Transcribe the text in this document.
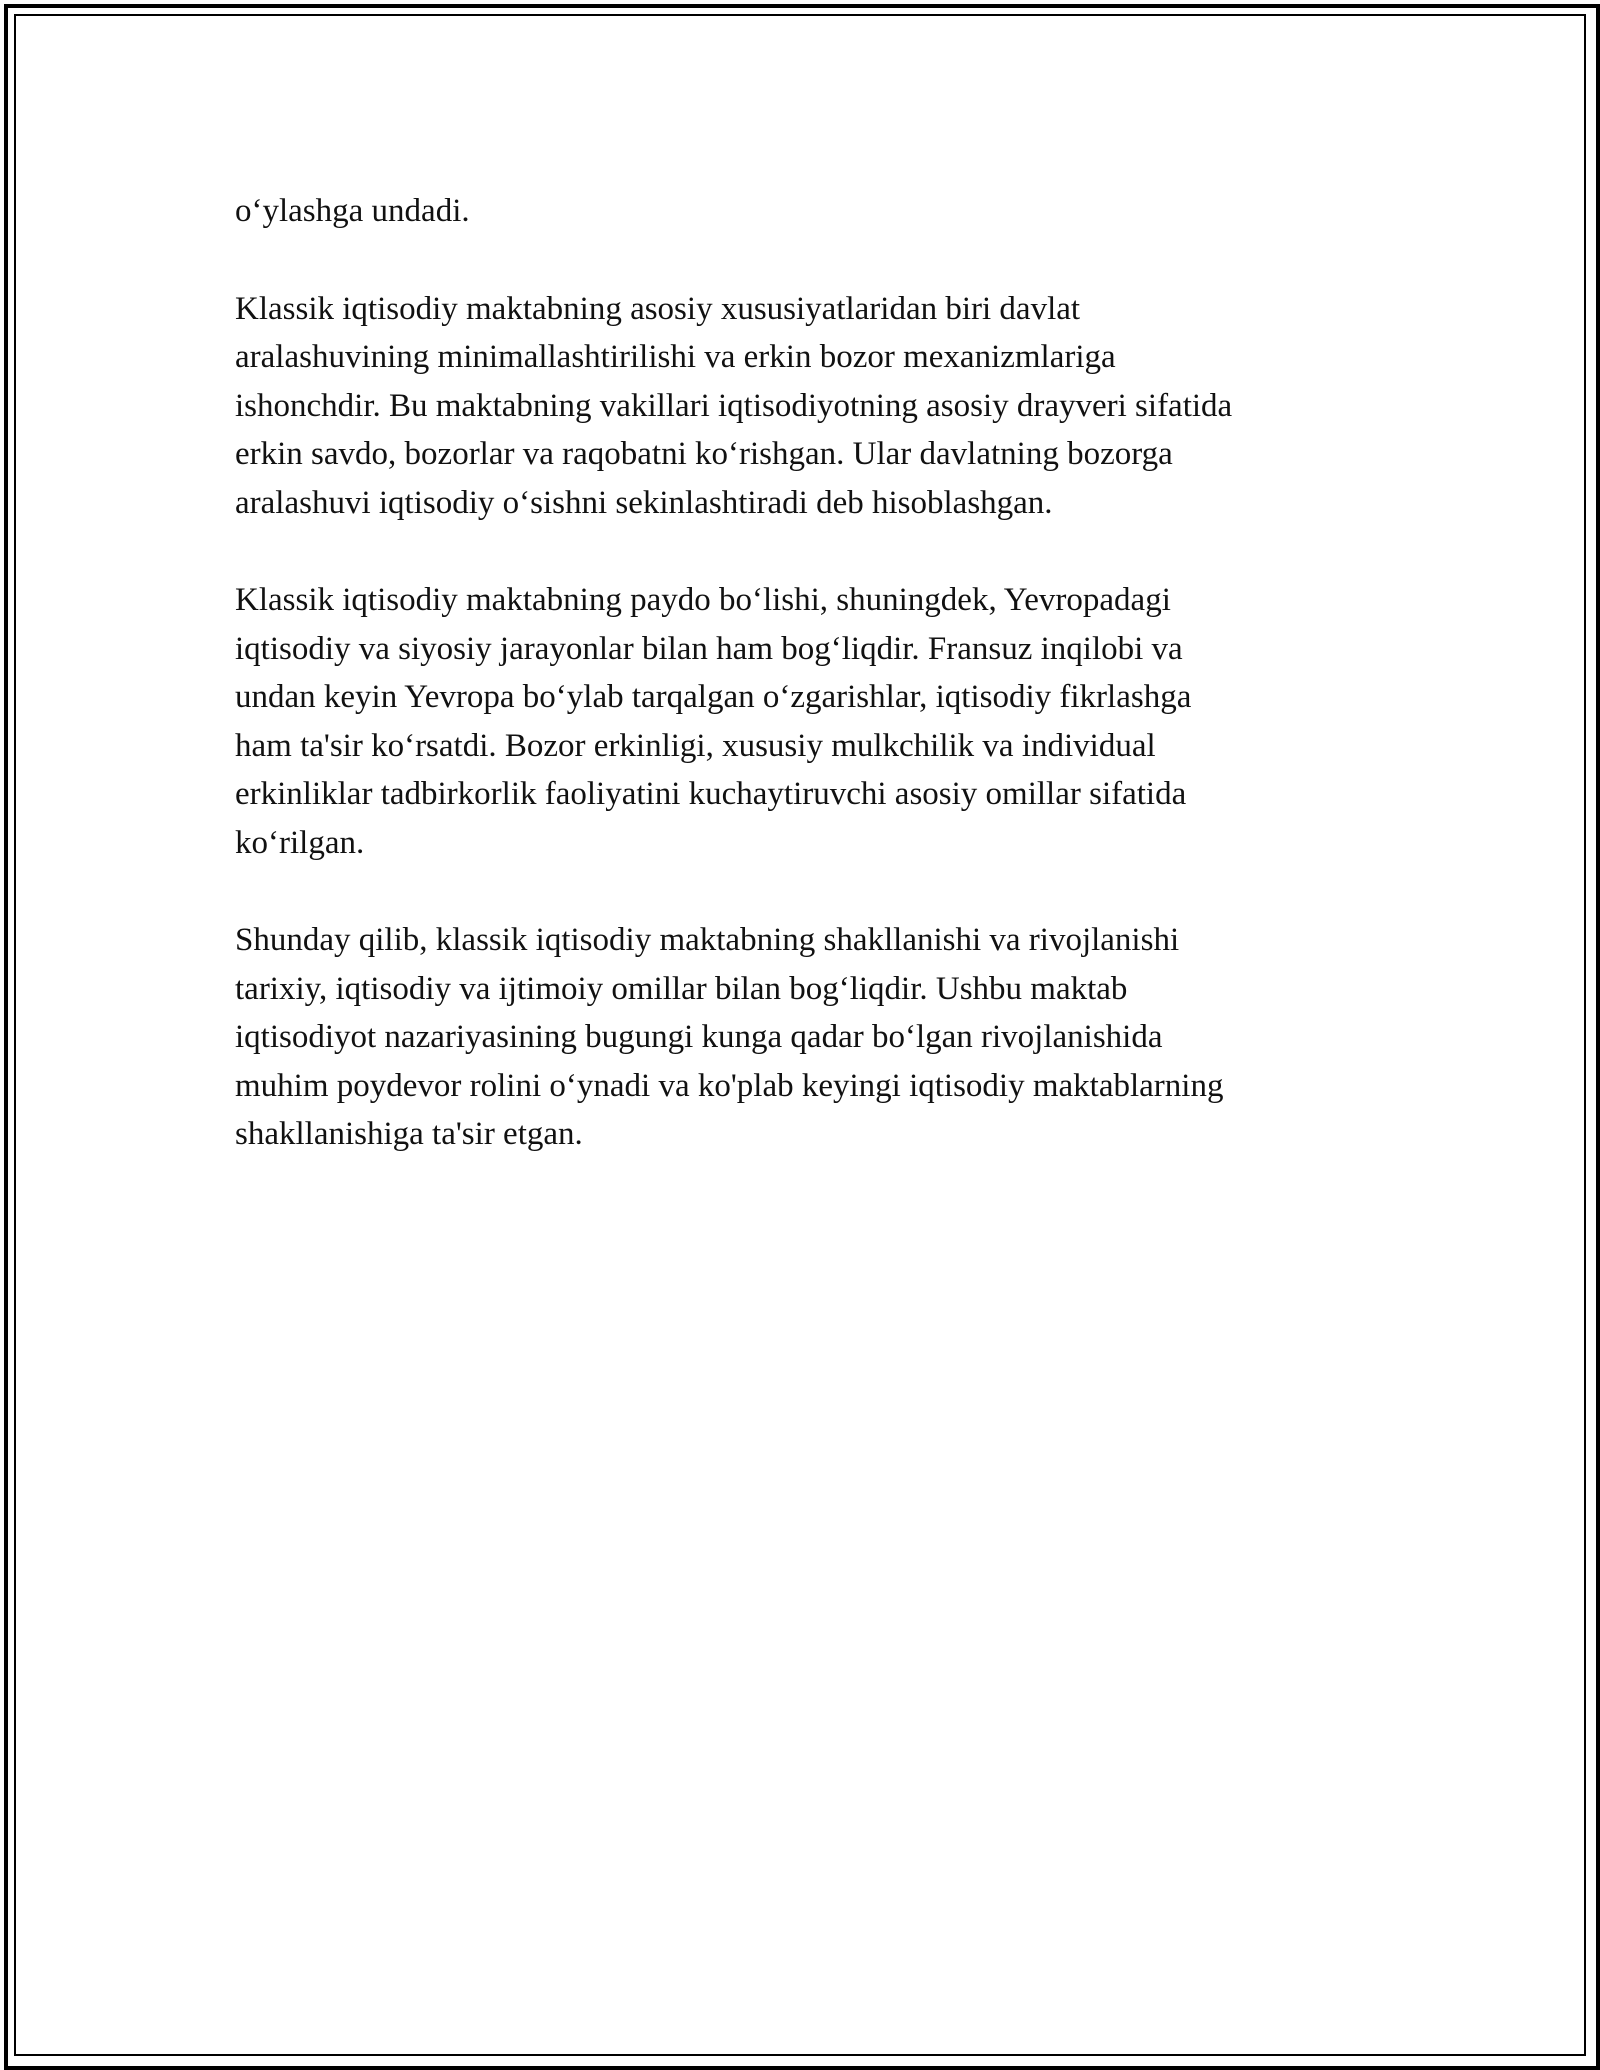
o‘ylashga undadi.

Klassik iqtisodiy maktabning asosiy xususiyatlaridan biri davlat
aralashuvining minimallashtirilishi va erkin bozor mexanizmlariga
ishonchdir. Bu maktabning vakillari iqtisodiyotning asosiy drayveri sifatida
erkin savdo, bozorlar va raqobatni ko‘rishgan. Ular davlatning bozorga
aralashuvi iqtisodiy o‘sishni sekinlashtiradi deb hisoblashgan.

Klassik iqtisodiy maktabning paydo bo‘lishi, shuningdek, Yevropadagi
iqtisodiy va siyosiy jarayonlar bilan ham bog‘liqdir. Fransuz inqilobi va
undan keyin Yevropa bo‘ylab tarqalgan o‘zgarishlar, iqtisodiy fikrlashga
ham ta'sir ko‘rsatdi. Bozor erkinligi, xususiy mulkchilik va individual
erkinliklar tadbirkorlik faoliyatini kuchaytiruvchi asosiy omillar sifatida
ko‘rilgan.

Shunday qilib, klassik iqtisodiy maktabning shakllanishi va rivojlanishi
tarixiy, iqtisodiy va ijtimoiy omillar bilan bog‘liqdir. Ushbu maktab
iqtisodiyot nazariyasining bugungi kunga qadar bo‘lgan rivojlanishida
muhim poydevor rolini o‘ynadi va ko'plab keyingi iqtisodiy maktablarning
shakllanishiga ta'sir etgan.
